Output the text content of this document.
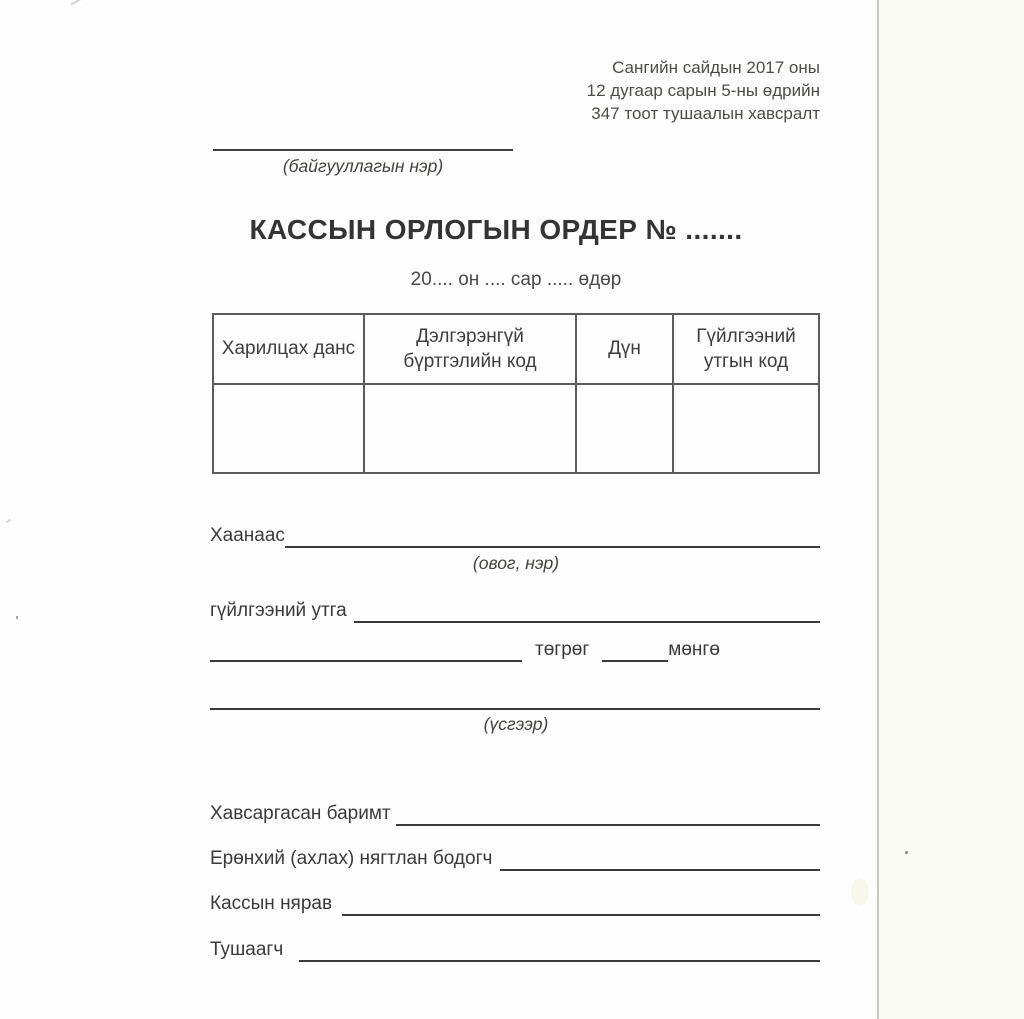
Сангийн сайдын 2017 оны
12 дугаар сарын 5-ны өдрийн
347 тоот тушаалын хавсралт
(байгууллагын нэр)
КАССЫН ОРЛОГЫН ОРДЕР № .......
20.... он .... сар ..... өдөр
Харилцах данс	Дэлгэрэнгүй бүртгэлийн код	Дүн	Гүйлгээний утгын код

Хаанаас
(овог, нэр)
гүйлгээний утга
төгрөг	мөнгө
(үсгээр)
Хавсаргасан баримт
Ерөнхий (ахлах) нягтлан бодогч
Кассын нярав
Тушаагч
